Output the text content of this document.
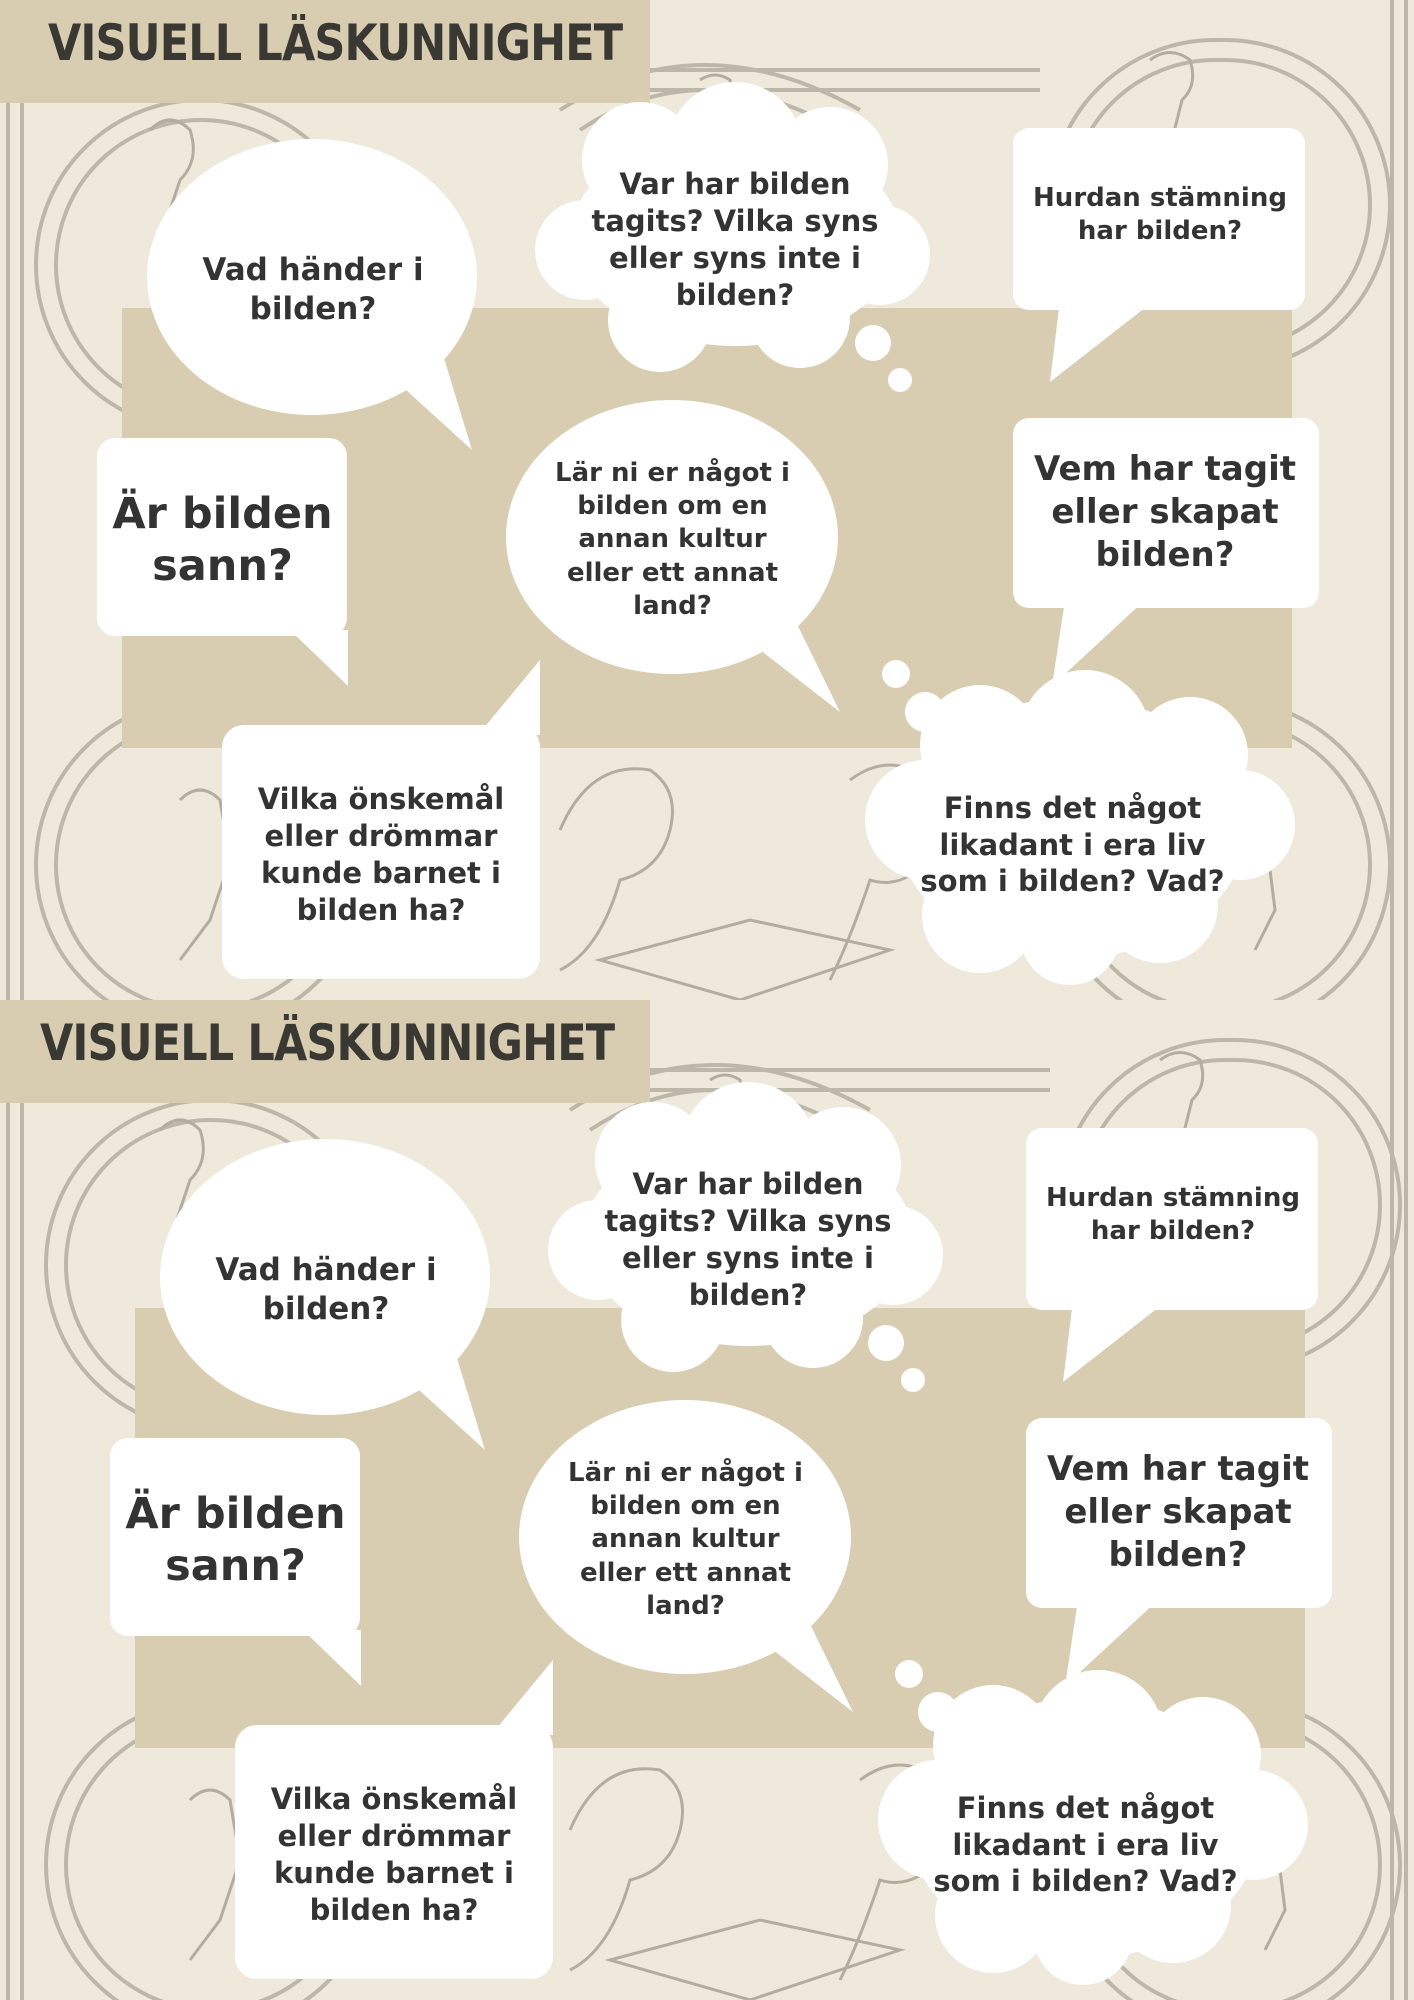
VISUELL LÄSKUNNIGHET
Vad händer i bilden?
Var har bilden tagits? Vilka syns eller syns inte i bilden?
Hurdan stämning har bilden?
Är bilden sann?
Lär ni er något i bilden om en annan kultur eller ett annat land?
Vem har tagit eller skapat bilden?
Vilka önskemål eller drömmar kunde barnet i bilden ha?
Finns det något likadant i era liv som i bilden? Vad?
VISUELL LÄSKUNNIGHET
Vad händer i bilden?
Var har bilden tagits? Vilka syns eller syns inte i bilden?
Hurdan stämning har bilden?
Är bilden sann?
Lär ni er något i bilden om en annan kultur eller ett annat land?
Vem har tagit eller skapat bilden?
Vilka önskemål eller drömmar kunde barnet i bilden ha?
Finns det något likadant i era liv som i bilden? Vad?
